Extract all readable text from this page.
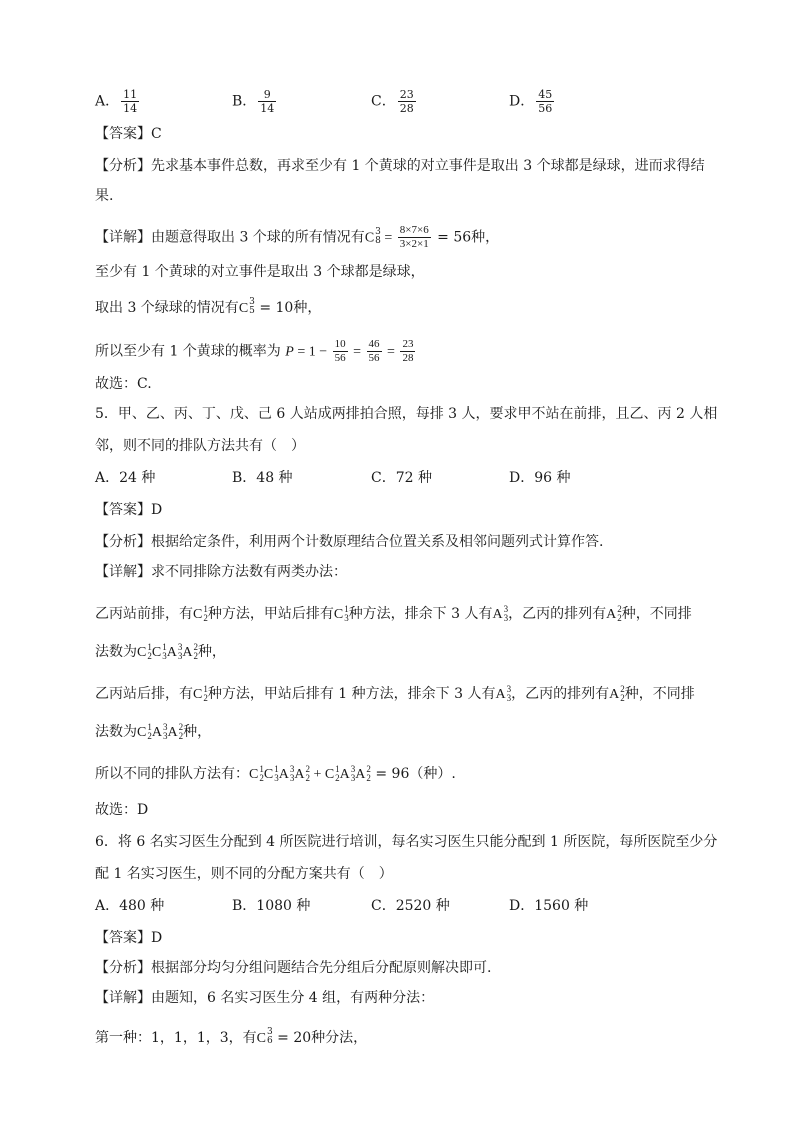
A． $\frac{11}{14}$	B． $\frac{9}{14}$	C． $\frac{23}{28}$	D． $\frac{45}{56}$
【答案】C
【分析】先求基本事件总数，再求至少有 1 个黄球的对立事件是取出 3 个球都是绿球，进而求得结
果.
【详解】由题意得取出 3 个球的所有情况有C 3
$8 = \frac{8\times 7\times 6}{3\times 2\times 1} = 56$种，
至少有 1 个黄球的对立事件是取出 3 个球都是绿球，
取出 3 个绿球的情况有C 3
5 = 10种，
所以至少有 1 个黄球的概率为 $P = 1 - \frac{10}{56} = \frac{46}{56} = \frac{23}{28}$
故选：C.
5．甲、乙、丙、丁、戊、己 6 人站成两排拍合照，每排 3 人，要求甲不站在前排，且乙、丙 2 人相
邻，则不同的排队方法共有（　）
A．24 种	B．48 种	C．72 种	D．96 种
【答案】D
【分析】根据给定条件，利用两个计数原理结合位置关系及相邻问题列式计算作答.
【详解】求不同排除方法数有两类办法：
乙丙站前排，有C 1
2 种方法，甲站后排有C 1
3 种方法，排余下 3 人有A 3
3 ，乙丙的排列有A 2
2 种，不同排
法数为C 1
2 C 1
3 A 3
3 A 2
2 种，
乙丙站后排，有C 1
2 种方法，甲站后排有 1 种方法，排余下 3 人有A 3
3 ，乙丙的排列有A 2
2 种，不同排
法数为C 1
2 A 3
3 A 2
2 种，
所以不同的排队方法有：C 1
2 C 1
3 A 3
3 A 2
2 + C 1
2 A 3
3 A 2
2 = 96（种）.
故选：D
6．将 6 名实习医生分配到 4 所医院进行培训，每名实习医生只能分配到 1 所医院，每所医院至少分
配 1 名实习医生，则不同的分配方案共有（　）
A．480 种	B．1080 种	C．2520 种	D．1560 种
【答案】D
【分析】根据部分均匀分组问题结合先分组后分配原则解决即可.
【详解】由题知，6 名实习医生分 4 组，有两种分法：
第一种：1，1，1，3，有C 3
6 = 20种分法，
